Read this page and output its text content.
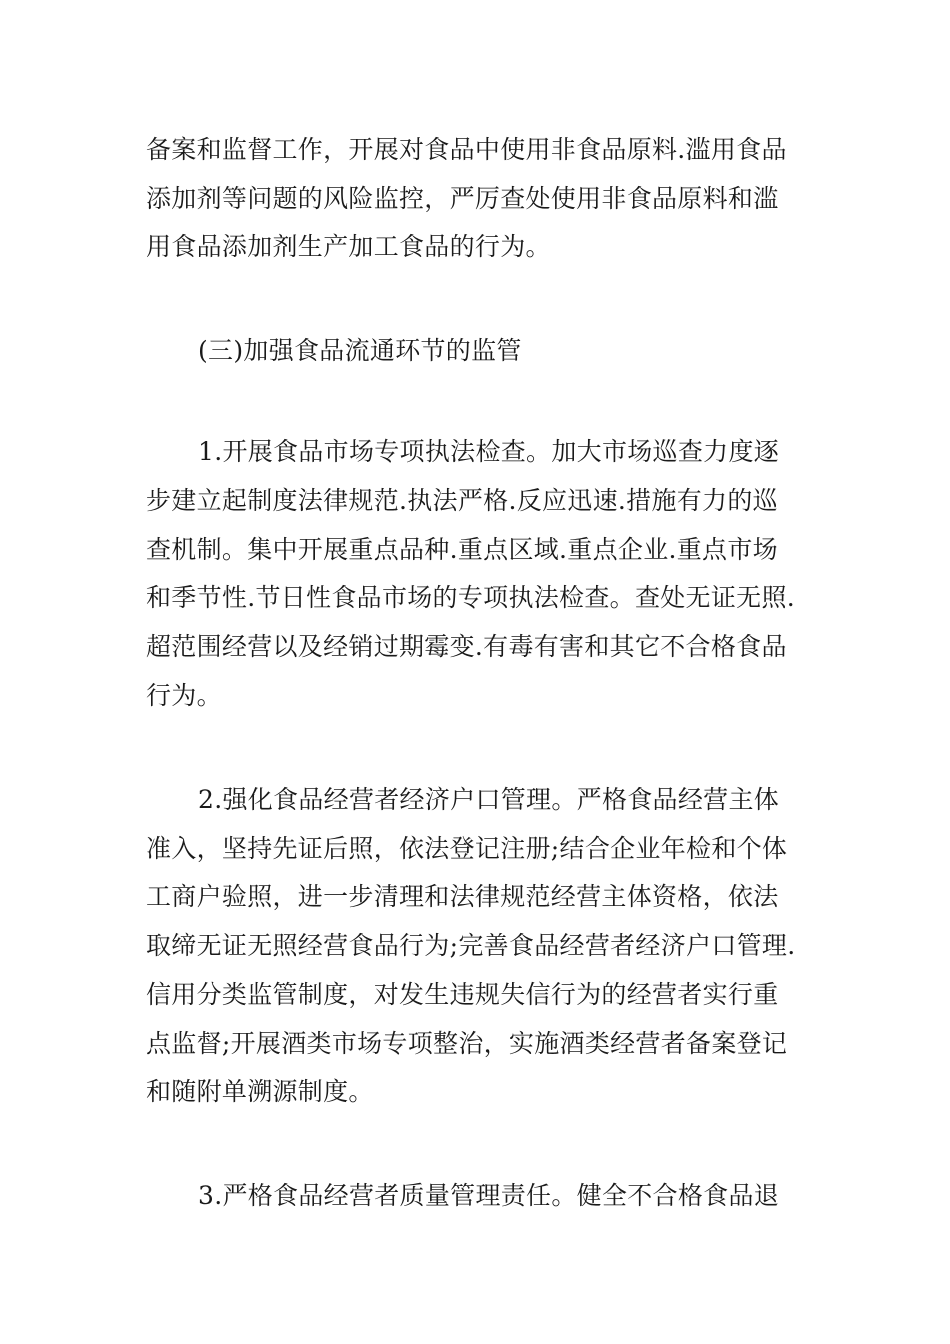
备案和监督工作，开展对食品中使用非食品原料.滥用食品
添加剂等问题的风险监控，严厉查处使用非食品原料和滥
用食品添加剂生产加工食品的行为。
(三)加强食品流通环节的监管
1.开展食品市场专项执法检查。加大市场巡查力度逐
步建立起制度法律规范.执法严格.反应迅速.措施有力的巡
查机制。集中开展重点品种.重点区域.重点企业.重点市场
和季节性.节日性食品市场的专项执法检查。查处无证无照.
超范围经营以及经销过期霉变.有毒有害和其它不合格食品
行为。
2.强化食品经营者经济户口管理。严格食品经营主体
准入，坚持先证后照，依法登记注册;结合企业年检和个体
工商户验照，进一步清理和法律规范经营主体资格，依法
取缔无证无照经营食品行为;完善食品经营者经济户口管理.
信用分类监管制度，对发生违规失信行为的经营者实行重
点监督;开展酒类市场专项整治，实施酒类经营者备案登记
和随附单溯源制度。
3.严格食品经营者质量管理责任。健全不合格食品退
